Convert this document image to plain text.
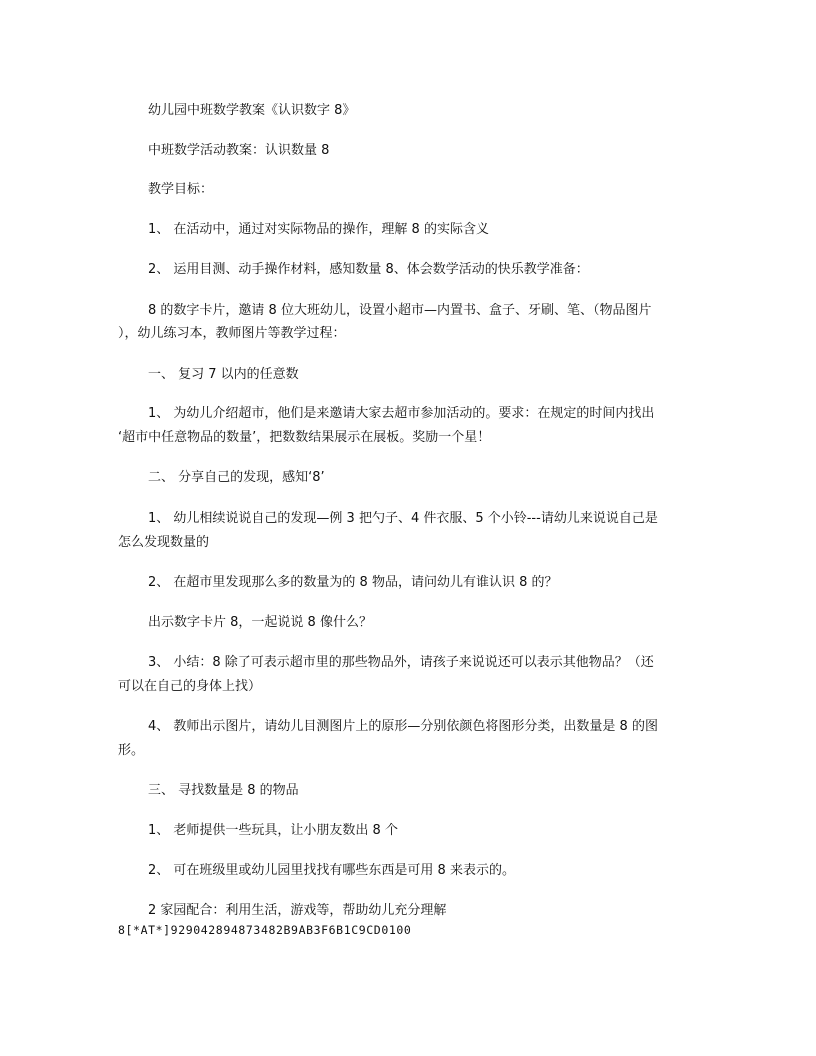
幼儿园中班数学教案《认识数字 8》
中班数学活动教案：认识数量 8
教学目标：
1、 在活动中，通过对实际物品的操作，理解 8 的实际含义
2、 运用目测、动手操作材料，感知数量 8、体会数学活动的快乐教学准备：
8 的数字卡片，邀请 8 位大班幼儿，设置小超市—内置书、盒子、牙刷、笔、（物品图片
），幼儿练习本，教师图片等教学过程：
一、 复习 7 以内的任意数
1、 为幼儿介绍超市，他们是来邀请大家去超市参加活动的。要求：在规定的时间内找出
‘超市中任意物品的数量’，把数数结果展示在展板。奖励一个星！
二、 分享自己的发现，感知‘8’
1、 幼儿相续说说自己的发现—例 3 把勺子、4 件衣服、5 个小铃---请幼儿来说说自己是
怎么发现数量的
2、 在超市里发现那么多的数量为的 8 物品，请问幼儿有谁认识 8 的？
出示数字卡片 8，一起说说 8 像什么？
3、 小结：8 除了可表示超市里的那些物品外，请孩子来说说还可以表示其他物品？（还
可以在自己的身体上找）
4、 教师出示图片，请幼儿目测图片上的原形—分别依颜色将图形分类，出数量是 8 的图
形。
三、 寻找数量是 8 的物品
1、 老师提供一些玩具，让小朋友数出 8 个
2、 可在班级里或幼儿园里找找有哪些东西是可用 8 来表示的。
2 家园配合：利用生活，游戏等，帮助幼儿充分理解
8[*AT*]929042894873482B9AB3F6B1C9CD0100
